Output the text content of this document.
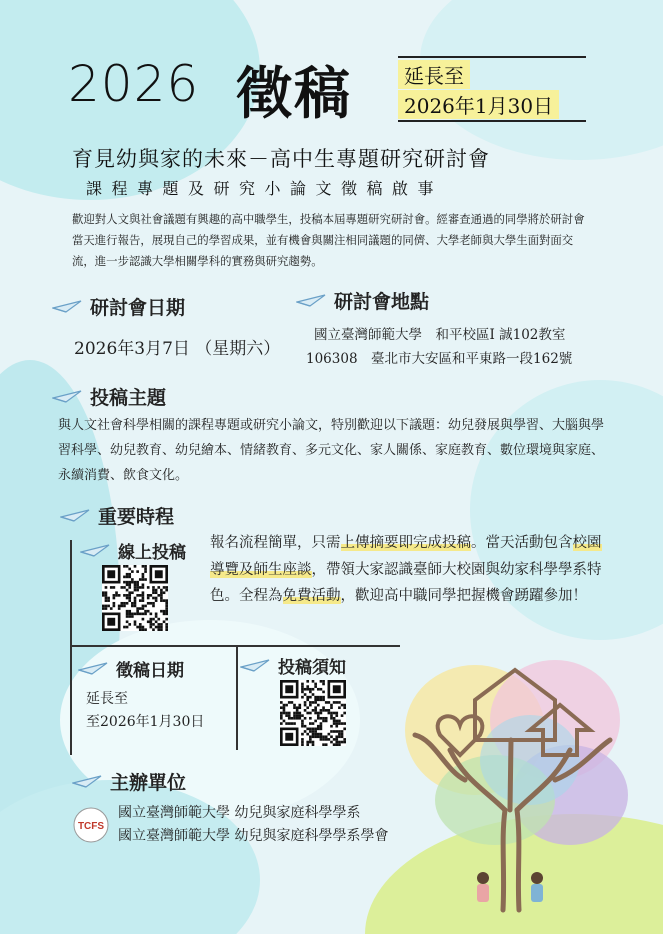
2026 徵稿	延長至
2026年1月30日
育見幼與家的未來－高中生專題研究研討會
課程專題及研究小論文徵稿啟事
歡迎對人文與社會議題有興趣的高中職學生，投稿本屆專題研究研討會。經審查通過的同學將於研討會當天進行報告，展現自己的學習成果，並有機會與關注相同議題的同儕、大學老師與大學生面對面交流，進一步認識大學相關學科的實務與研究趨勢。
研討會日期
2026年3月7日 （星期六）
研討會地點
國立臺灣師範大學　和平校區I 誠102教室
106308　臺北市大安區和平東路一段162號
投稿主題
與人文社會科學相關的課程專題或研究小論文，特別歡迎以下議題：幼兒發展與學習、大腦與學習科學、幼兒教育、幼兒繪本、情緒教育、多元文化、家人關係、家庭教育、數位環境與家庭、永續消費、飲食文化。
重要時程
線上投稿 報名流程簡單，只需上傳摘要即完成投稿。當天活動包含校園導覽及師生座談，帶領大家認識臺師大校園與幼家科學學系特色。全程為免費活動，歡迎高中職同學把握機會踴躍參加！
徵稿日期
延長至
至2026年1月30日
投稿須知
主辦單位
TCFS
國立臺灣師範大學 幼兒與家庭科學學系
國立臺灣師範大學 幼兒與家庭科學學系學會
